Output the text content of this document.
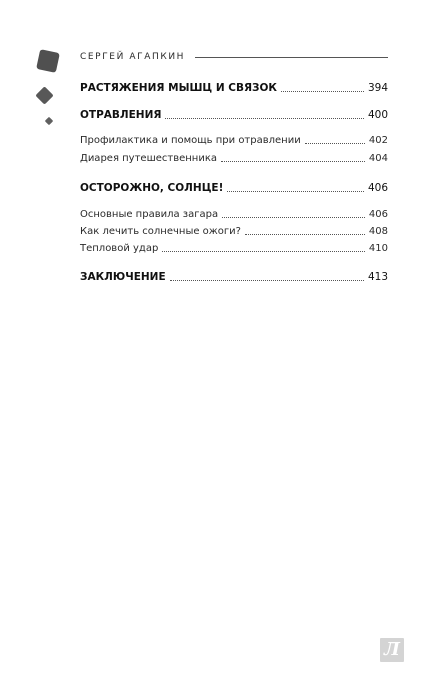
СЕРГЕЙ АГАПКИН
РАСТЯЖЕНИЯ МЫШЦ И СВЯЗОК	394
ОТРАВЛЕНИЯ	400
Профилактика и помощь при отравлении	402
Диарея путешественника	404
ОСТОРОЖНО, СОЛНЦЕ!	406
Основные правила загара	406
Как лечить солнечные ожоги?	408
Тепловой удар	410
ЗАКЛЮЧЕНИЕ	413
Л
